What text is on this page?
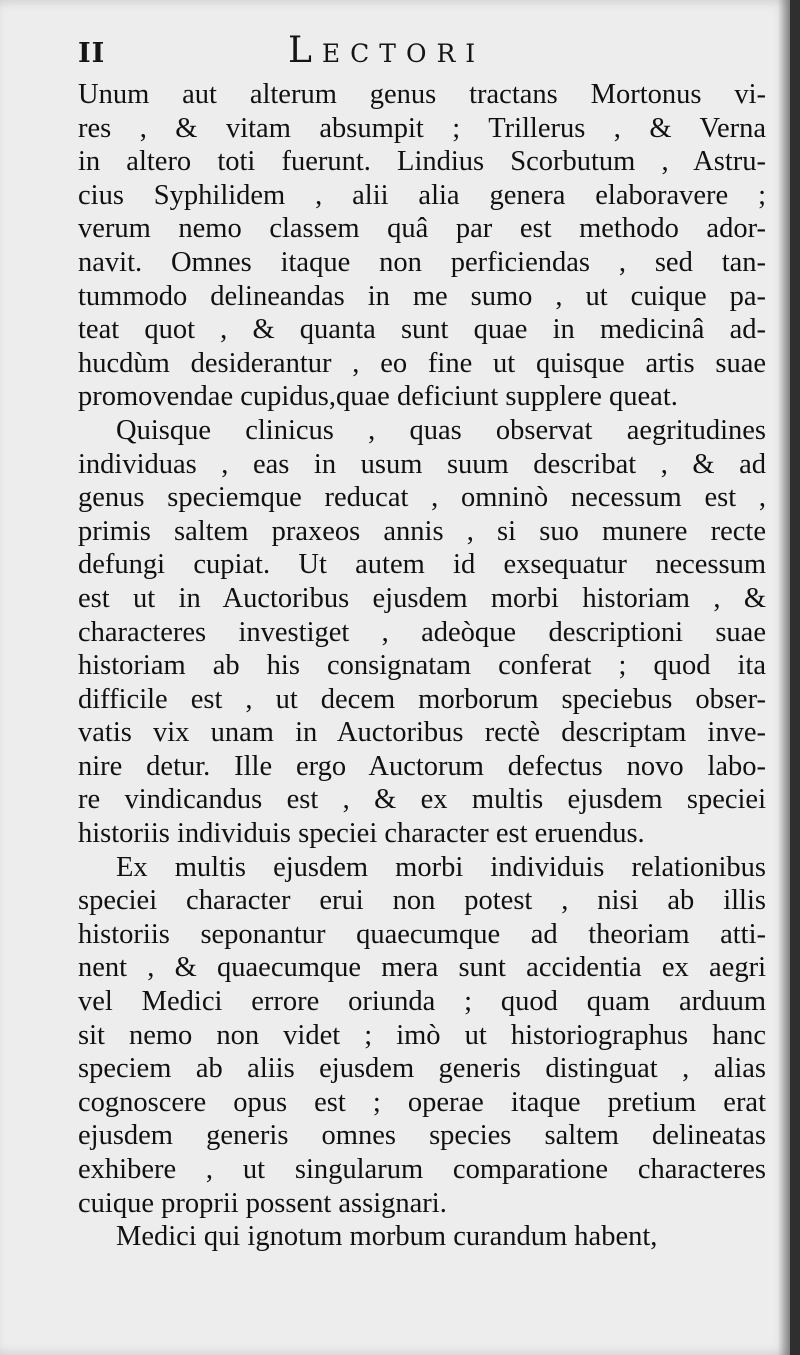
II	Lectori
Unum aut alterum genus tractans Mortonus vi-
res , & vitam absumpit ; Trillerus , & Verna
in altero toti fuerunt. Lindius Scorbutum , Astru-
cius Syphilidem , alii alia genera elaboravere ;
verum nemo classem quâ par est methodo ador-
navit. Omnes itaque non perficiendas , sed tan-
tummodo delineandas in me sumo , ut cuique pa-
teat quot , & quanta sunt quae in medicinâ ad-
hucdùm desiderantur , eo fine ut quisque artis suae
promovendae cupidus,quae deficiunt supplere queat.
Quisque clinicus , quas observat aegritudines
individuas , eas in usum suum describat , & ad
genus speciemque reducat , omninò necessum est ,
primis saltem praxeos annis , si suo munere recte
defungi cupiat. Ut autem id exsequatur necessum
est ut in Auctoribus ejusdem morbi historiam , &
characteres investiget , adeòque descriptioni suae
historiam ab his consignatam conferat ; quod ita
difficile est , ut decem morborum speciebus obser-
vatis vix unam in Auctoribus rectè descriptam inve-
nire detur. Ille ergo Auctorum defectus novo labo-
re vindicandus est , & ex multis ejusdem speciei
historiis individuis speciei character est eruendus.
Ex multis ejusdem morbi individuis relationibus
speciei character erui non potest , nisi ab illis
historiis seponantur quaecumque ad theoriam atti-
nent , & quaecumque mera sunt accidentia ex aegri
vel Medici errore oriunda ; quod quam arduum
sit nemo non videt ; imò ut historiographus hanc
speciem ab aliis ejusdem generis distinguat , alias
cognoscere opus est ; operae itaque pretium erat
ejusdem generis omnes species saltem delineatas
exhibere , ut singularum comparatione characteres
cuique proprii possent assignari.
Medici qui ignotum morbum curandum habent,
